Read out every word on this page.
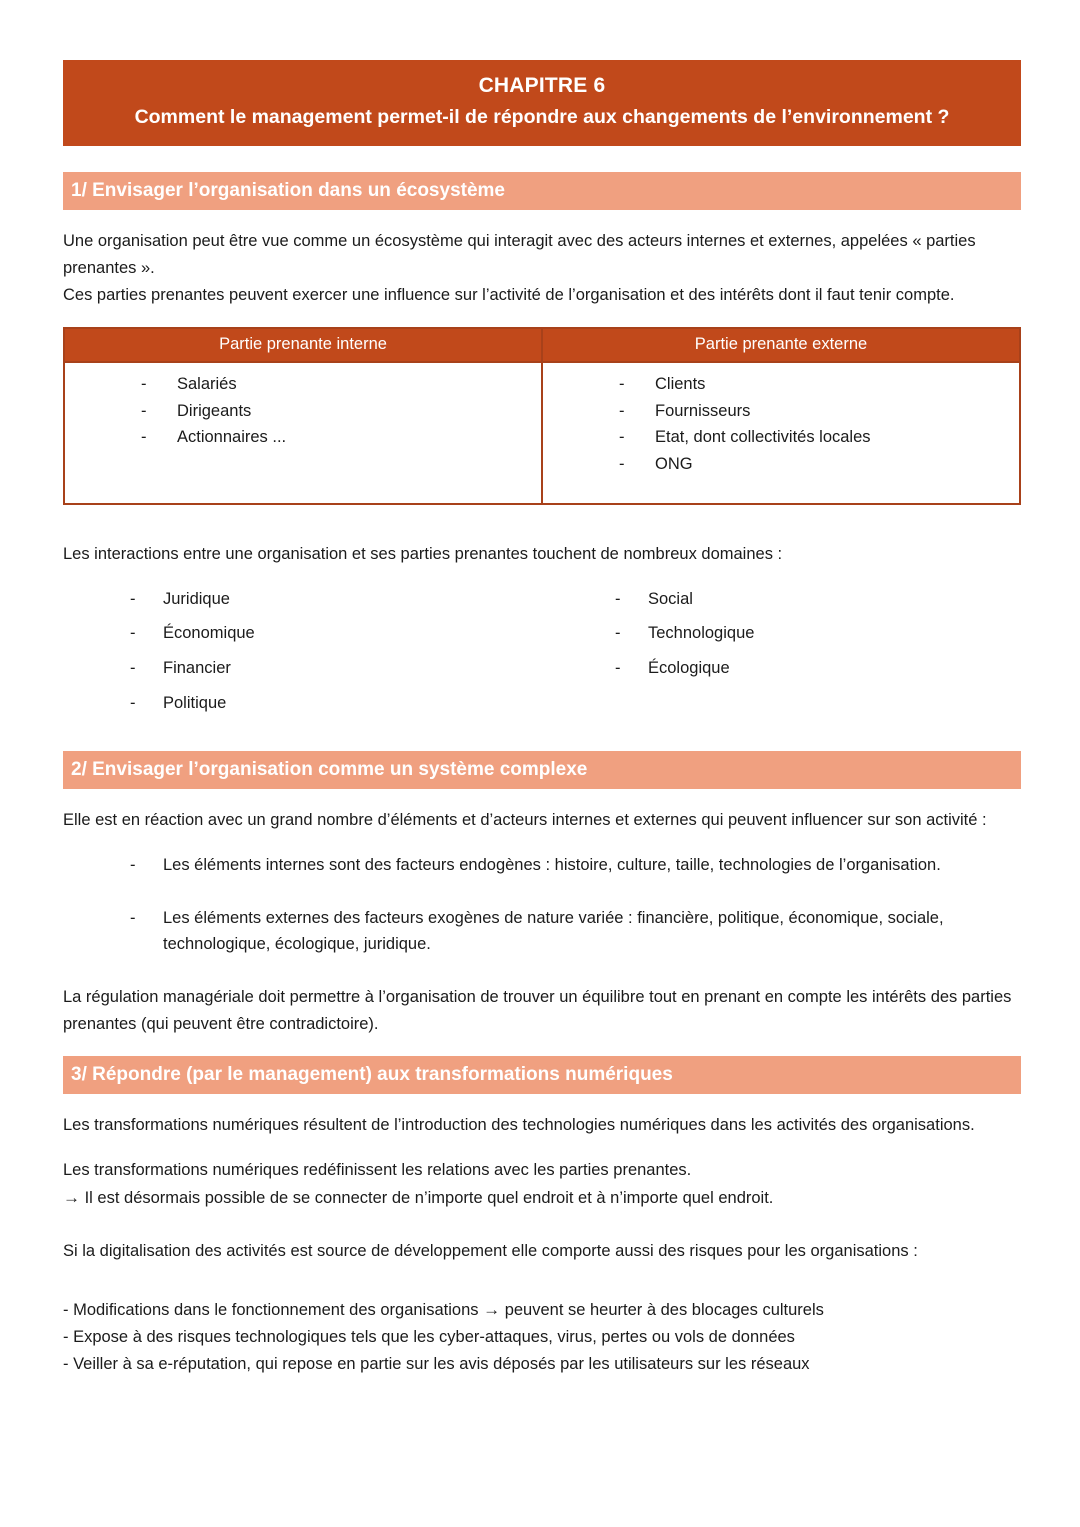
CHAPITRE 6
Comment le management permet-il de répondre aux changements de l’environnement ?
1/ Envisager l’organisation dans un écosystème

Une organisation peut être vue comme un écosystème qui interagit avec des acteurs internes et externes, appelées « parties prenantes ».

Ces parties prenantes peuvent exercer une influence sur l’activité de l’organisation et des intérêts dont il faut tenir compte.

Partie prenante interne	Partie prenante externe

- Salariés
- Dirigeants
- Actionnaires ...

- Clients
- Fournisseurs
- Etat, dont collectivités locales
- ONG

Les interactions entre une organisation et ses parties prenantes touchent de nombreux domaines :

- Juridique
- Économique
- Financier
- Politique
- Social
- Technologique
- Écologique
2/ Envisager l’organisation comme un système complexe

Elle est en réaction avec un grand nombre d’éléments et d’acteurs internes et externes qui peuvent influencer sur son activité :

- Les éléments internes sont des facteurs endogènes : histoire, culture, taille, technologies de l’organisation.
- Les éléments externes des facteurs exogènes de nature variée : financière, politique, économique, sociale, technologique, écologique, juridique.

La régulation managériale doit permettre à l’organisation de trouver un équilibre tout en prenant en compte les intérêts des parties prenantes (qui peuvent être contradictoire).

3/ Répondre (par le management) aux transformations numériques

Les transformations numériques résultent de l’introduction des technologies numériques dans les activités des organisations.

Les transformations numériques redéfinissent les relations avec les parties prenantes.

→ Il est désormais possible de se connecter de n’importe quel endroit et à n’importe quel endroit.

Si la digitalisation des activités est source de développement elle comporte aussi des risques pour les organisations :

- Modifications dans le fonctionnement des organisations → peuvent se heurter à des blocages culturels

- Expose à des risques technologiques tels que les cyber-attaques, virus, pertes ou vols de données

- Veiller à sa e-réputation, qui repose en partie sur les avis déposés par les utilisateurs sur les réseaux
